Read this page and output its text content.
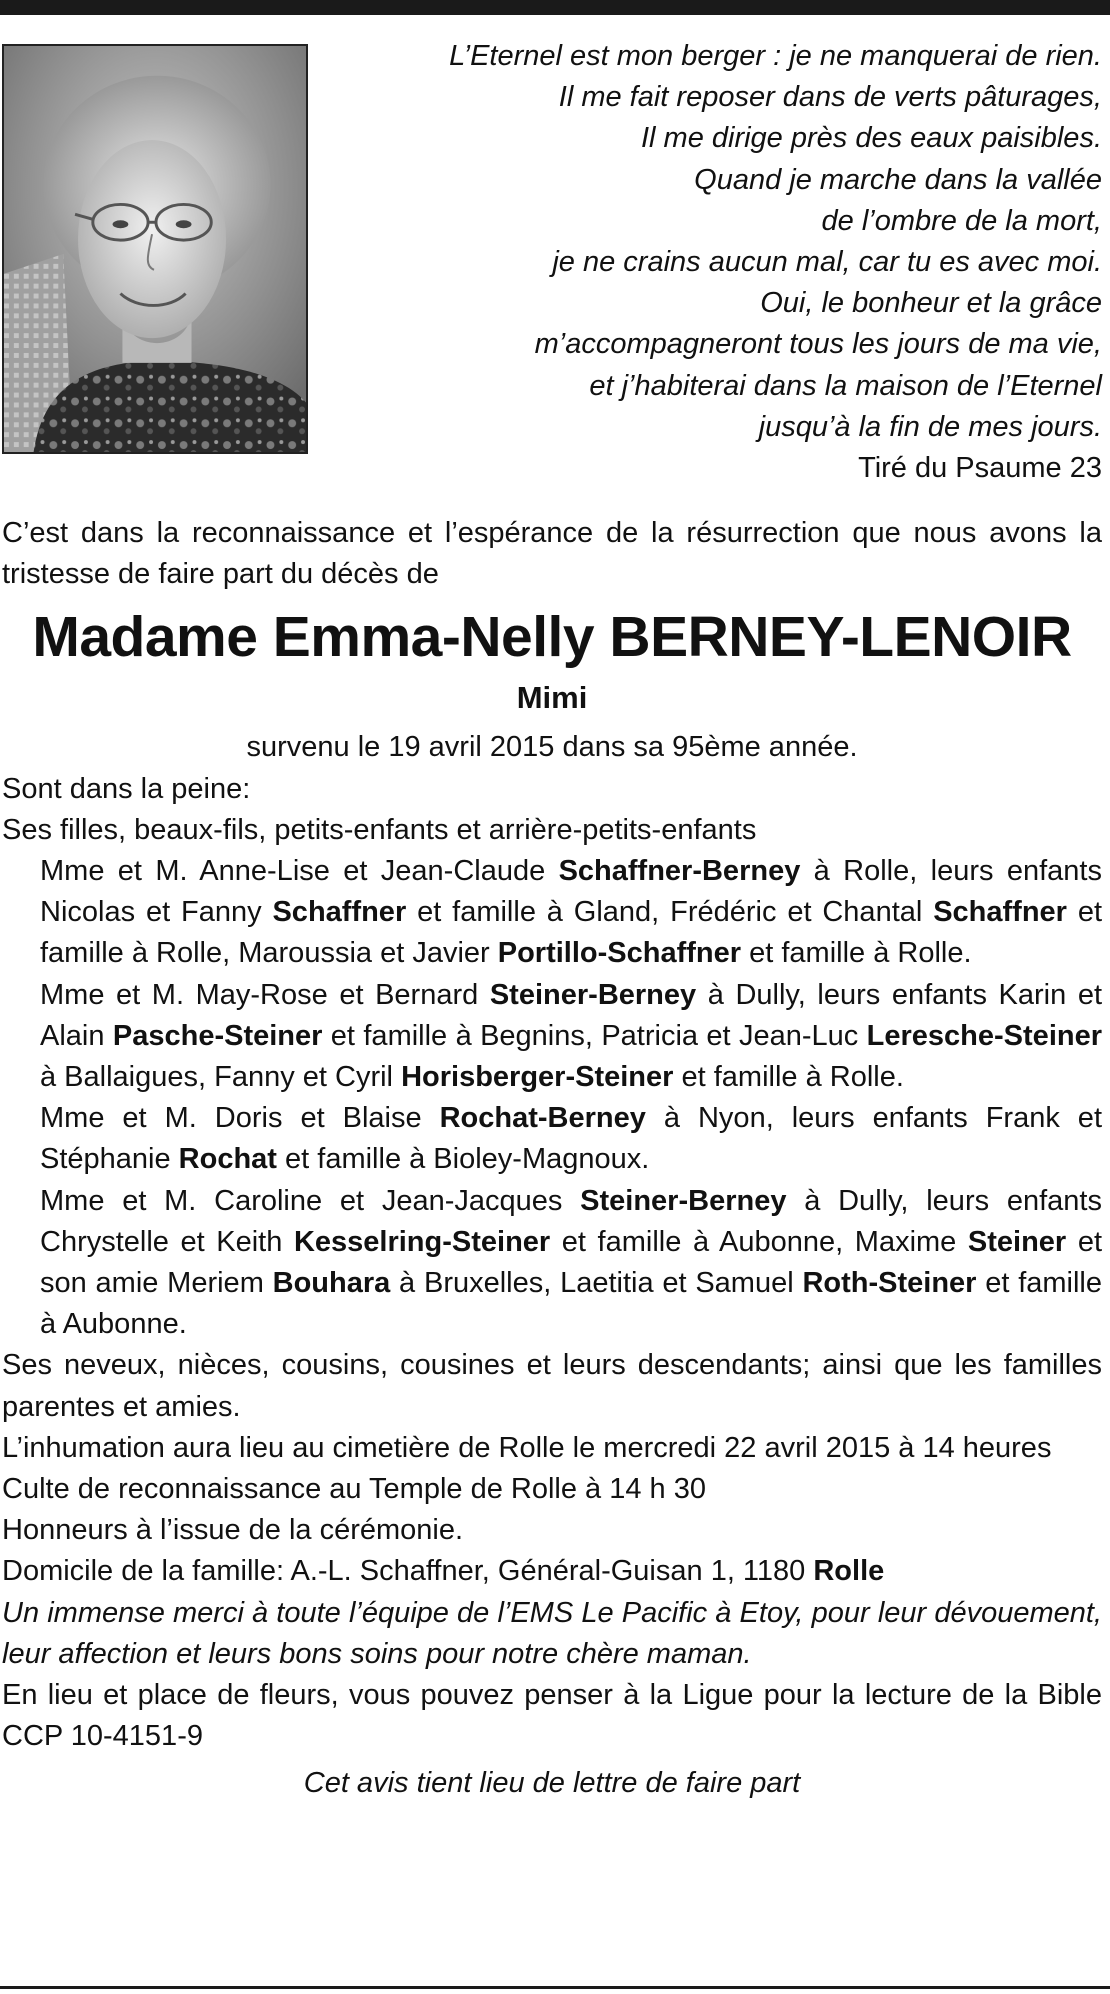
L’Eternel est mon berger : je ne manquerai de rien.
Il me fait reposer dans de verts pâturages,
Il me dirige près des eaux paisibles.
Quand je marche dans la vallée
de l’ombre de la mort,
je ne crains aucun mal, car tu es avec moi.
Oui, le bonheur et la grâce
m’accompagneront tous les jours de ma vie,
et j’habiterai dans la maison de l’Eternel
jusqu’à la fin de mes jours.
Tiré du Psaume 23

C’est dans la reconnaissance et l’espérance de la résurrection que nous avons la tristesse de faire part du décès de

Madame Emma-Nelly BERNEY-LENOIR
Mimi

survenu le 19 avril 2015 dans sa 95ème année.

Sont dans la peine:

Ses filles, beaux-fils, petits-enfants et arrière-petits-enfants

Mme et M. Anne-Lise et Jean-Claude Schaffner-Berney à Rolle, leurs enfants Nicolas et Fanny Schaffner et famille à Gland, Frédéric et Chantal Schaffner et famille à Rolle, Maroussia et Javier Portillo-Schaffner et famille à Rolle.

Mme et M. May-Rose et Bernard Steiner-Berney à Dully, leurs enfants Karin et Alain Pasche-Steiner et famille à Begnins, Patricia et Jean-Luc Leresche-Steiner à Ballaigues, Fanny et Cyril Horisberger-Steiner et famille à Rolle.

Mme et M. Doris et Blaise Rochat-Berney à Nyon, leurs enfants Frank et Stéphanie Rochat et famille à Bioley-Magnoux.

Mme et M. Caroline et Jean-Jacques Steiner-Berney à Dully, leurs enfants Chrystelle et Keith Kesselring-Steiner et famille à Aubonne, Maxime Steiner et son amie Meriem Bouhara à Bruxelles, Laetitia et Samuel Roth-Steiner et famille à Aubonne.

Ses neveux, nièces, cousins, cousines et leurs descendants; ainsi que les familles parentes et amies.

L’inhumation aura lieu au cimetière de Rolle le mercredi 22 avril 2015 à 14 heures

Culte de reconnaissance au Temple de Rolle à 14 h 30

Honneurs à l’issue de la cérémonie.

Domicile de la famille: A.-L. Schaffner, Général-Guisan 1, 1180 Rolle

Un immense merci à toute l’équipe de l’EMS Le Pacific à Etoy, pour leur dévouement, leur affection et leurs bons soins pour notre chère maman.

En lieu et place de fleurs, vous pouvez penser à la Ligue pour la lecture de la Bible CCP 10-4151-9

Cet avis tient lieu de lettre de faire part
